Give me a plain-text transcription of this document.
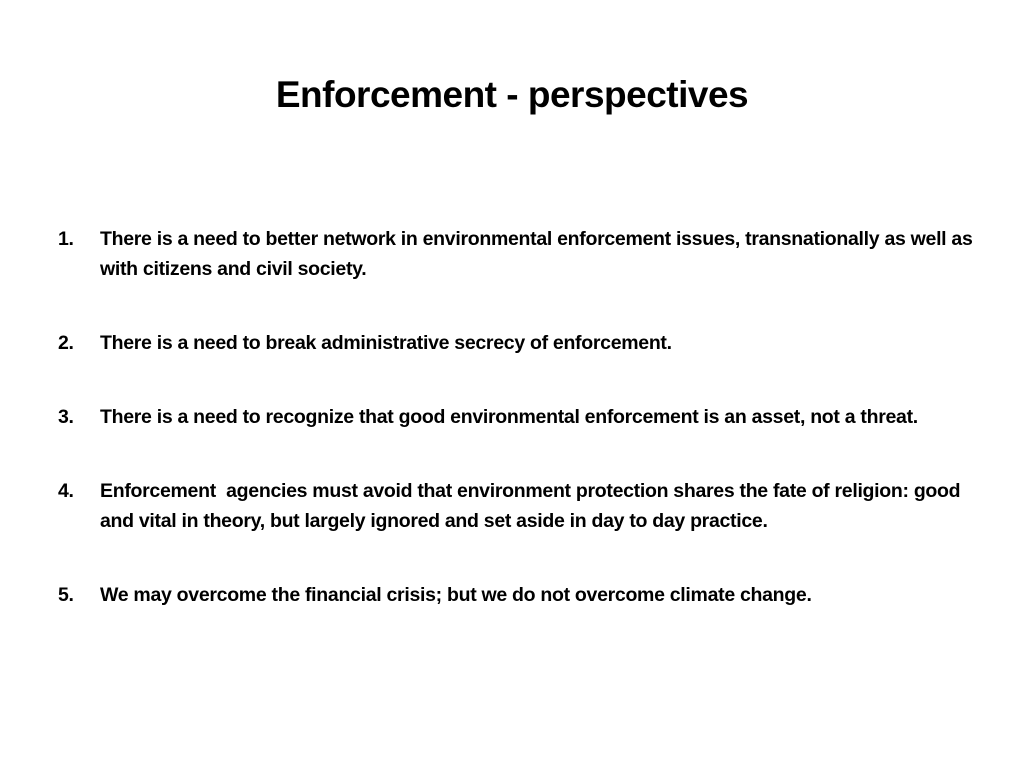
Enforcement - perspectives
1.	There is a need to better network in environmental enforcement issues, transnationally as well as with citizens and civil society.
2.	There is a need to break administrative secrecy of enforcement.
3.	There is a need to recognize that good environmental enforcement is an asset, not a threat.
4.	Enforcement  agencies must avoid that environment protection shares the fate of religion: good and vital in theory, but largely ignored and set aside in day to day practice.
5.	We may overcome the financial crisis; but we do not overcome climate change.
